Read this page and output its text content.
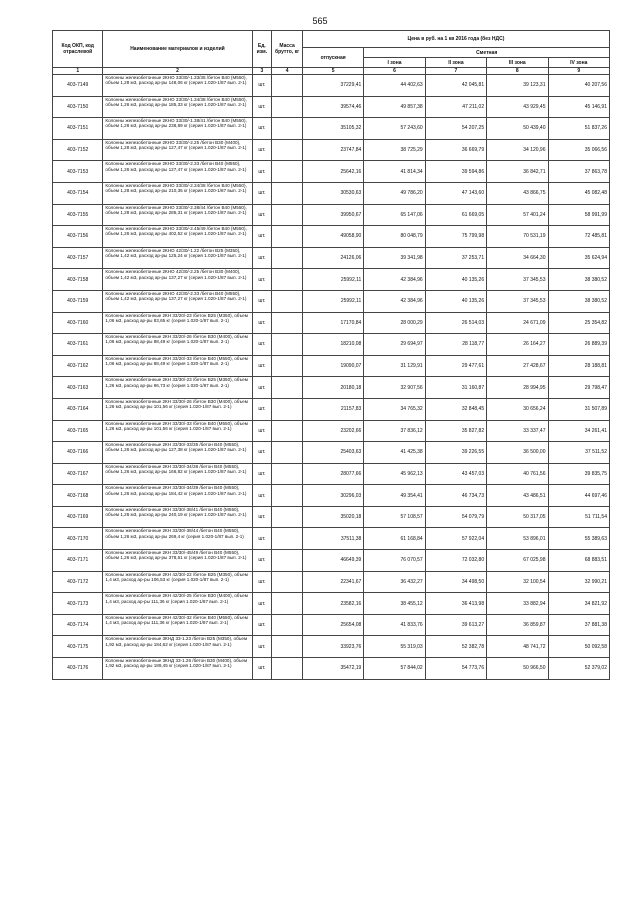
565
Код ОКП, код отраслевой	Наименование материалов и изделий	Ед. изм.	Масса брутто, кг	Цена в руб. на 1 кв 2016 года (без НДС)				
				отпускная	Сметная			
					I зона	II зона	III зона	IV зона
1	2	3	4	5	6	7	8	9
403-7149	Колонны железобетонные 2КНО 33/30/-1.33/35 /бетон В40 (М550), объем 1,28 м3, расход ар-ры 148,06 кг (серия 1.020-1/87 вып. 2-1)	шт.		37229,41	44 402,63	42 045,81	39 123,31	40 207,56
403-7150	Колонны железобетонные 2КНО 33/30/-1.34/38 /бетон В40 (М550), объем 1,26 м3, расход ар-ры 185,33 кг (серия 1.020-1/87 вып. 2-1)	шт.		39574,46	49 857,38	47 211,02	43 929,45	45 146,91
403-7151	Колонны железобетонные 2КНО 33/30/-1.38/41 /бетон В40 (М550), объем 1,28 м3, расход ар-ры 238,89 кг (серия 1.020-1/87 вып. 2-1)	шт.		35105,32	57 243,60	54 207,25	50 439,40	51 837,26
403-7152	Колонны железобетонные 2КНО 33/30/-2.25 /бетон В30 (М400), объем 1,28 м3, расход ар-ры 127,47 кг (серия 1.020-1/87 вып. 2-1)	шт.		23747,84	38 725,29	36 669,79	34 120,96	35 066,56
403-7153	Колонны железобетонные 2КНО 33/30/-2.33 /бетон В40 (М550), объем 1,26 м3, расход ар-ры 127,47 кг (серия 1.020-1/87 вып. 2-1)	шт.		25642,16	41 814,34	39 594,86	36 842,71	37 863,78
403-7154	Колонны железобетонные 2КНО 33/30/-2.34/38 /бетон В40 (М550), объем 1,28 м3, расход ар-ры 210,35 кг (серия 1.020-1/87 вып. 2-1)	шт.		30530,63	49 786,20	47 143,60	43 866,75	45 082,48
403-7155	Колонны железобетонные 2КНО 33/30/-2.38/44 /бетон В40 (М550), объем 1,28 м3, расход ар-ры 285,31 кг (серия 1.020-1/87 вып. 2-1)	шт.		39950,67	65 147,06	61 669,05	57 401,24	58 991,99
403-7156	Колонны железобетонные 2КНО 33/30/-2.45/49 /бетон В40 (М550), объем 1,26 м3, расход ар-ры 402,52 кг (серия 1.020-1/87 вып. 2-1)	шт.		49058,90	80 048,79	75 799,98	70 531,19	72 485,81
403-7157	Колонны железобетонные 2КНО 42/30/-1.22 /бетон В25 (М350), объем 1,42 м3, расход ар-ры 125,24 кг (серия 1.020-1/87 вып. 2-1)	шт.		24126,06	39 341,98	37 253,71	34 664,30	35 624,94
403-7158	Колонны железобетонные 2КНО 42/30/-2.25 /бетон В30 (М400), объем 1,42 м3, расход ар-ры 137,27 кг (серия 1.020-1/87 вып. 2-1)	шт.		25992,11	42 384,96	40 135,26	37 345,53	38 380,52
403-7159	Колонны железобетонные 2КНО 42/30/-2.33 /бетон В40 (М550), объем 1,42 м3, расход ар-ры 137,27 кг (серия 1.020-1/87 вып. 2-1)	шт.		25992,11	42 384,96	40 135,26	37 345,53	38 380,52
403-7160	Колонны железобетонные 2КН 33/20/-23 /бетон В25 (М350), объем 1,06 м3, расход ар-ры 83,65 кг (серия 1.020-1/87 вып. 2-1)	шт.		17170,84	28 000,29	26 514,03	24 671,09	25 354,82
403-7161	Колонны железобетонные 2КН 33/20/-26 /бетон В30 (М400), объем 1,06 м3, расход ар-ры 88,49 кг (серия 1.020-1/87 вып. 2-1)	шт.		18210,08	29 694,97	28 118,77	26 164,27	26 889,39
403-7162	Колонны железобетонные 2КН 33/20/-33 /бетон В40 (М550), объем 1,06 м3, расход ар-ры 88,49 кг (серия 1.020-1/87 вып. 2-1)	шт.		19090,07	31 129,91	29 477,61	27 428,67	28 188,81
403-7163	Колонны железобетонные 2КН 33/30/-23 /бетон В25 (М350), объем 1,26 м3, расход ар-ры 96,73 кг (серия 1.020-1/87 вып. 2-1)	шт.		20180,18	32 907,56	31 160,87	28 994,95	29 798,47
403-7164	Колонны железобетонные 2КН 33/30/-26 /бетон В30 (М400), объем 1,26 м3, расход ар-ры 101,56 кг (серия 1.020-1/87 вып. 2-1)	шт.		21157,83	34 765,32	32 848,45	30 656,24	31 507,89
403-7165	Колонны железобетонные 2КН 33/30/-33 /бетон В40 (М550), объем 1,26 м3, расход ар-ры 101,56 кг (серия 1.020-1/87 вып. 2-1)	шт.		23202,66	37 836,12	35 827,82	33 337,47	34 261,41
403-7166	Колонны железобетонные 2КН 33/30/-33/35 /бетон В40 (М550), объем 1,26 м3, расход ар-ры 127,38 кг (серия 1.020-1/87 вып. 2-1)	шт.		25403,63	41 425,38	39 226,55	36 500,00	37 511,52
403-7167	Колонны железобетонные 2КН 33/30/-34/38 /бетон В40 (М550), объем 1,26 м3, расход ар-ры 166,82 кг (серия 1.020-1/87 вып. 2-1)	шт.		28077,66	45 962,13	43 457,03	40 761,56	39 835,75
403-7168	Колонны железобетонные 2КН 33/30/-34/39 /бетон В40 (М550), объем 1,26 м3, расход ар-ры 184,42 кг (серия 1.020-1/87 вып. 2-1)	шт.		30296,03	49 354,41	46 734,73	43 486,51	44 697,46
403-7169	Колонны железобетонные 2КН 33/30/-38/41 /бетон В40 (М550), объем 1,26 м3, расход ар-ры 240,19 кг (серия 1.020-1/87 вып. 2-1)	шт.		35020,18	57 108,57	54 079,79	50 317,05	51 711,54
403-7170	Колонны железобетонные 2КН 33/30/-38/44 /бетон В40 (М550), объем 1,26 м3, расход ар-ры 269,4 кг (серия 1.020-1/87 вып. 2-1)	шт.		37511,38	61 168,84	57 922,04	53 896,01	55 389,63
403-7171	Колонны железобетонные 2КН 33/30/-45/49 /бетон В40 (М550), объем 1,26 м3, расход ар-ры 378,61 кг (серия 1.020-1/87 вып. 2-1)	шт.		46649,39	76 070,57	72 032,80	67 025,98	68 883,51
403-7172	Колонны железобетонные 2КН 42/30/-22 /бетон В25 (М350), объем 1,4 м3, расход ар-ры 106,53 кг (серия 1.020-1/87 вып. 2-1)	шт.		22341,67	36 432,27	34 498,50	32 100,54	32 990,21
403-7173	Колонны железобетонные 2КН 42/30/-25 /бетон В30 (М400), объем 1,4 м3, расход ар-ры 111,36 кг (серия 1.020-1/87 вып. 2-1)	шт.		23582,16	38 455,12	36 413,98	33 882,94	34 821,92
403-7174	Колонны железобетонные 2КН 42/30/-32 /бетон В40 (М550), объем 1,4 м3, расход ар-ры 111,36 кг (серия 1.020-1/87 вып. 2-1)	шт.		25654,08	41 833,76	39 613,27	36 859,87	37 881,38
403-7175	Колонны железобетонные 3КНД 33-1.23 /бетон В25 (М350), объем 1,92 м3, расход ар-ры 184,62 кг (серия 1.020-1/87 вып. 2-1)	шт.		33923,76	55 319,03	52 382,78	48 741,72	50 092,58
403-7176	Колонны железобетонные 3КНД 33-1.26 /бетон В30 (М400), объем 1,92 м3, расход ар-ры 189,45 кг (серия 1.020-1/87 вып. 2-1)	шт.		35472,19	57 844,02	54 773,76	50 966,50	52 379,02
